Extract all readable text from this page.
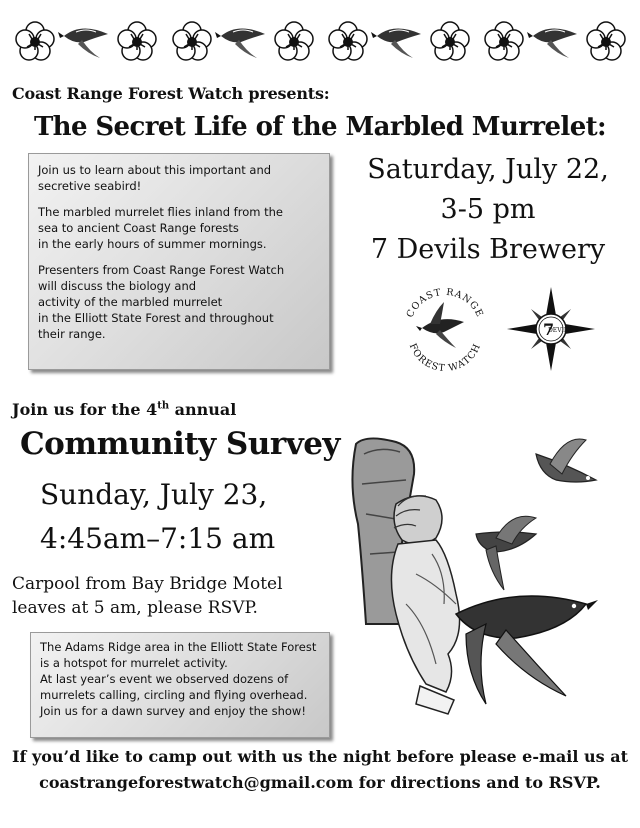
Coast Range Forest Watch presents:
The Secret Life of the Marbled Murrelet:

Join us to learn about this important and
secretive seabird!

The marbled murrelet flies inland from the
sea to ancient Coast Range forests
in the early hours of summer mornings.

Presenters from Coast Range Forest Watch
will discuss the biology and
activity of the marbled murrelet
in the Elliott State Forest and throughout
their range.

Saturday, July 22,
3-5 pm
7 Devils Brewery
COAST RANGE
FOREST WATCH
7
DEVILS
Join us for the 4th annual
Community Survey
Sunday, July 23,
4:45am–7:15 am
Carpool from Bay Bridge Motel
leaves at 5 am, please RSVP.

The Adams Ridge area in the Elliott State Forest
is a hotspot for murrelet activity.
At last year’s event we observed dozens of
murrelets calling, circling and flying overhead.
Join us for a dawn survey and enjoy the show!

If you’d like to camp out with us the night before please e-mail us at
coastrangeforestwatch@gmail.com for directions and to RSVP.
